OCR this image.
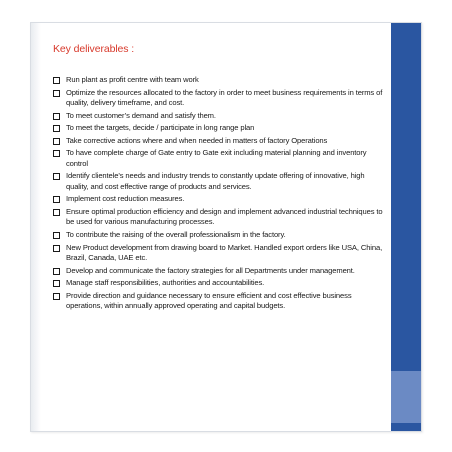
Key deliverables :
Run plant as profit centre with team work
Optimize the resources allocated to the factory in order to meet business requirements in terms of quality, delivery timeframe, and cost.
To meet customer’s demand and satisfy them.
To meet the targets, decide / participate in long range plan
Take corrective actions where and when needed in matters of factory Operations
To have complete charge of Gate entry to Gate exit including material planning and inventory control
Identify clientele’s needs and industry trends to constantly update offering of innovative, high quality, and cost effective range of products and services.
Implement cost reduction measures.
Ensure optimal production efficiency and design and implement advanced industrial techniques to be used for various manufacturing processes.
To contribute the raising of the overall professionalism in the factory.
New Product development from drawing board to Market. Handled export orders like USA, China, Brazil, Canada, UAE etc.
Develop and communicate the factory strategies for all Departments under management.
Manage staff responsibilities, authorities and accountabilities.
Provide direction and guidance necessary to ensure efficient and cost effective business operations, within annually approved operating and capital budgets.
